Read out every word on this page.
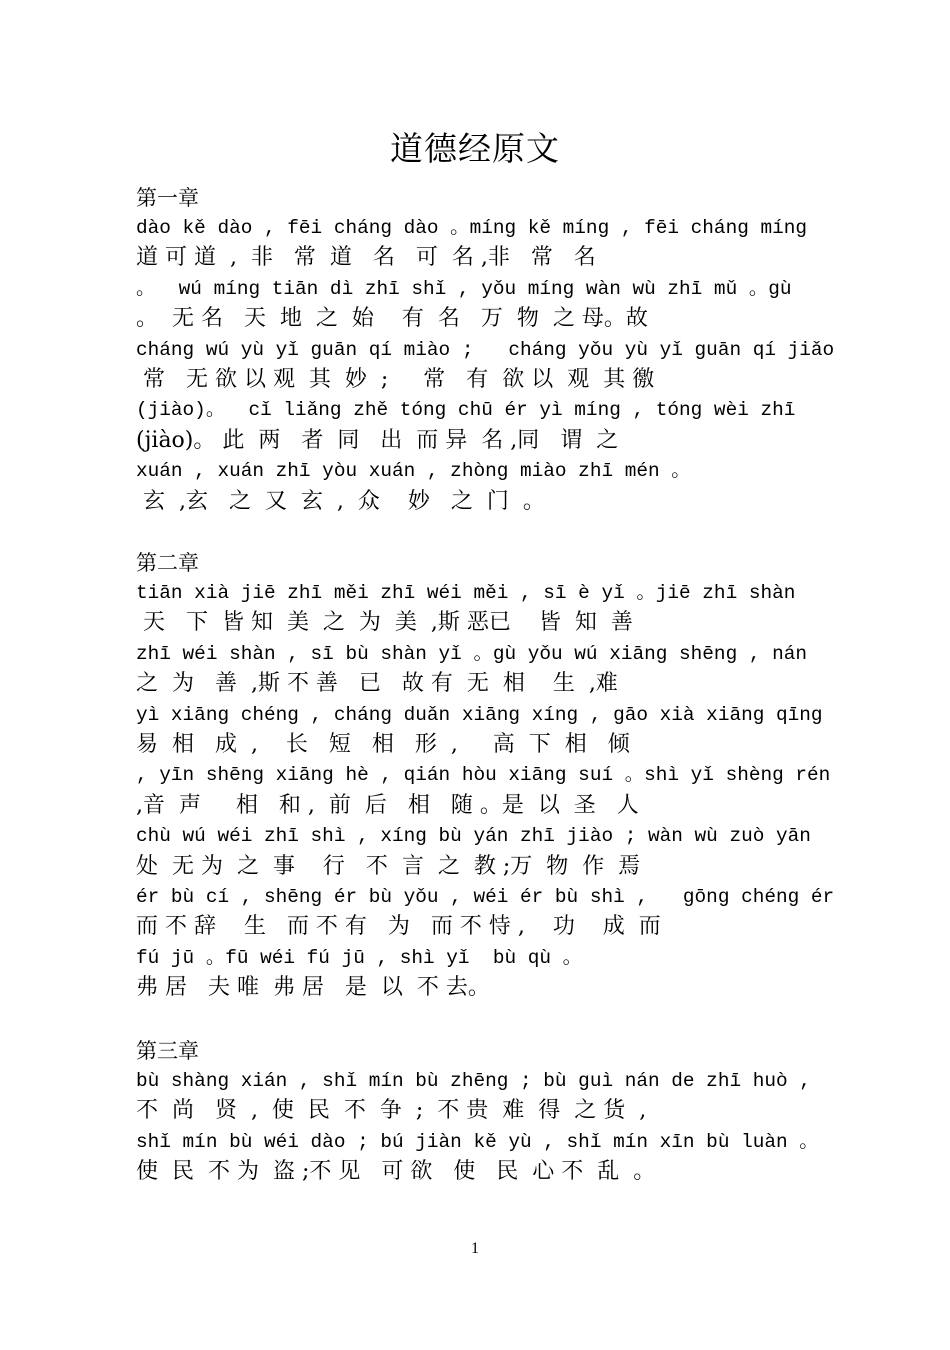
道德经原文
第一章
dào kě dào , fēi cháng dào 。míng kě míng , fēi cháng míng
道 可 道  ,  非   常  道   名   可  名 ,非   常   名
。  wú míng tiān dì zhī shǐ , yǒu míng wàn wù zhī mǔ 。gù
。  无 名   天  地  之  始    有  名   万  物  之 母。故
cháng wú yù yǐ guān qí miào ;   cháng yǒu yù yǐ guān qí jiǎo
常   无 欲 以 观  其  妙  ;     常   有  欲 以  观  其 徼
(jiào)。  cǐ liǎng zhě tóng chū ér yì míng , tóng wèi zhī
(jiào)。 此  两   者  同   出  而 异  名 ,同   谓  之
xuán , xuán zhī yòu xuán , zhòng miào zhī mén 。
玄  ,玄   之  又  玄  ,  众    妙   之  门  。
第二章
tiān xià jiē zhī měi zhī wéi měi , sī è yǐ 。jiē zhī shàn
天   下  皆 知  美  之  为  美  ,斯 恶已    皆  知  善
zhī wéi shàn , sī bù shàn yǐ 。gù yǒu wú xiāng shēng , nán
之  为   善  ,斯 不 善   已   故 有  无  相    生  ,难
yì xiāng chéng , cháng duǎn xiāng xíng , gāo xià xiāng qīng
易  相   成  ,    长   短   相   形  ,     高  下  相   倾
, yīn shēng xiāng hè , qián hòu xiāng suí 。shì yǐ shèng rén
,音  声     相   和 ,  前  后   相   随 。是  以  圣   人
chù wú wéi zhī shì , xíng bù yán zhī jiào ; wàn wù zuò yān
处  无 为  之  事    行   不  言  之  教 ;万  物  作  焉
ér bù cí , shēng ér bù yǒu , wéi ér bù shì ,   gōng chéng ér
而 不 辞    生   而 不 有   为   而 不 恃 ,    功    成  而
fú jū 。fū wéi fú jū , shì yǐ  bù qù 。
弗 居   夫 唯  弗 居   是  以  不 去。
第三章
bù shàng xián , shǐ mín bù zhēng ; bù guì nán de zhī huò ,
不  尚   贤  ,  使  民  不  争  ;  不 贵  难  得  之 货  ,
shǐ mín bù wéi dào ; bú jiàn kě yù , shǐ mín xīn bù luàn 。
使  民  不 为  盗 ;不 见   可 欲   使   民  心 不  乱  。
1
